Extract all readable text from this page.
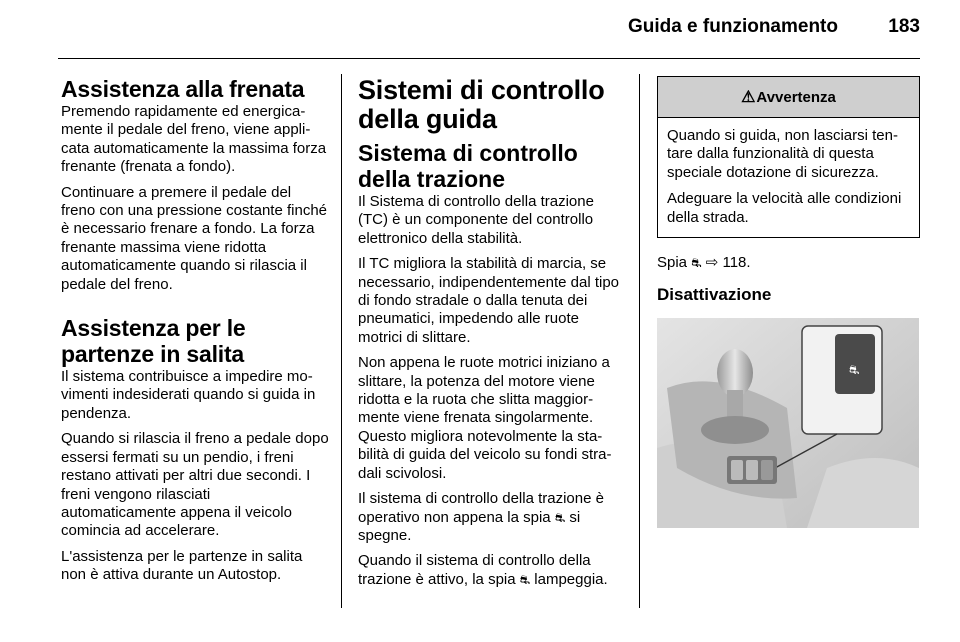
Guida e funzionamento	183
Assistenza alla frenata

Premendo rapidamente ed energicamente il pedale del freno, viene applicata automaticamente la massima forza frenante (frenata a fondo).

Continuare a premere il pedale del freno con una pressione costante finché è necessario frenare a fondo. La forza frenante massima viene ridotta automaticamente quando si rilascia il pedale del freno.

Assistenza per le partenze in salita

Il sistema contribuisce a impedire movimenti indesiderati quando si guida in pendenza.

Quando si rilascia il freno a pedale dopo essersi fermati su un pendio, i freni restano attivati per altri due secondi. I freni vengono rilasciati automaticamente appena il veicolo comincia ad accelerare.

L'assistenza per le partenze in salita non è attiva durante un Autostop.

Sistemi di controllo della guida
Sistema di controllo della trazione

Il Sistema di controllo della trazione (TC) è un componente del controllo elettronico della stabilità.

Il TC migliora la stabilità di marcia, se necessario, indipendentemente dal tipo di fondo stradale o dalla tenuta dei pneumatici, impedendo alle ruote motrici di slittare.

Non appena le ruote motrici iniziano a slittare, la potenza del motore viene ridotta e la ruota che slitta maggiormente viene frenata singolarmente. Questo migliora notevolmente la stabilità di guida del veicolo su fondi stradali scivolosi.

Il sistema di controllo della trazione è operativo non appena la spia ⛐ si spegne.

Quando il sistema di controllo della trazione è attivo, la spia ⛐ lampeggia.

⚠ Avvertenza

Quando si guida, non lasciarsi tentare dalla funzionalità di questa speciale dotazione di sicurezza.

Adeguare la velocità alle condizioni della strada.

Spia ⛐ ⇨ 118.

Disattivazione

⛐
